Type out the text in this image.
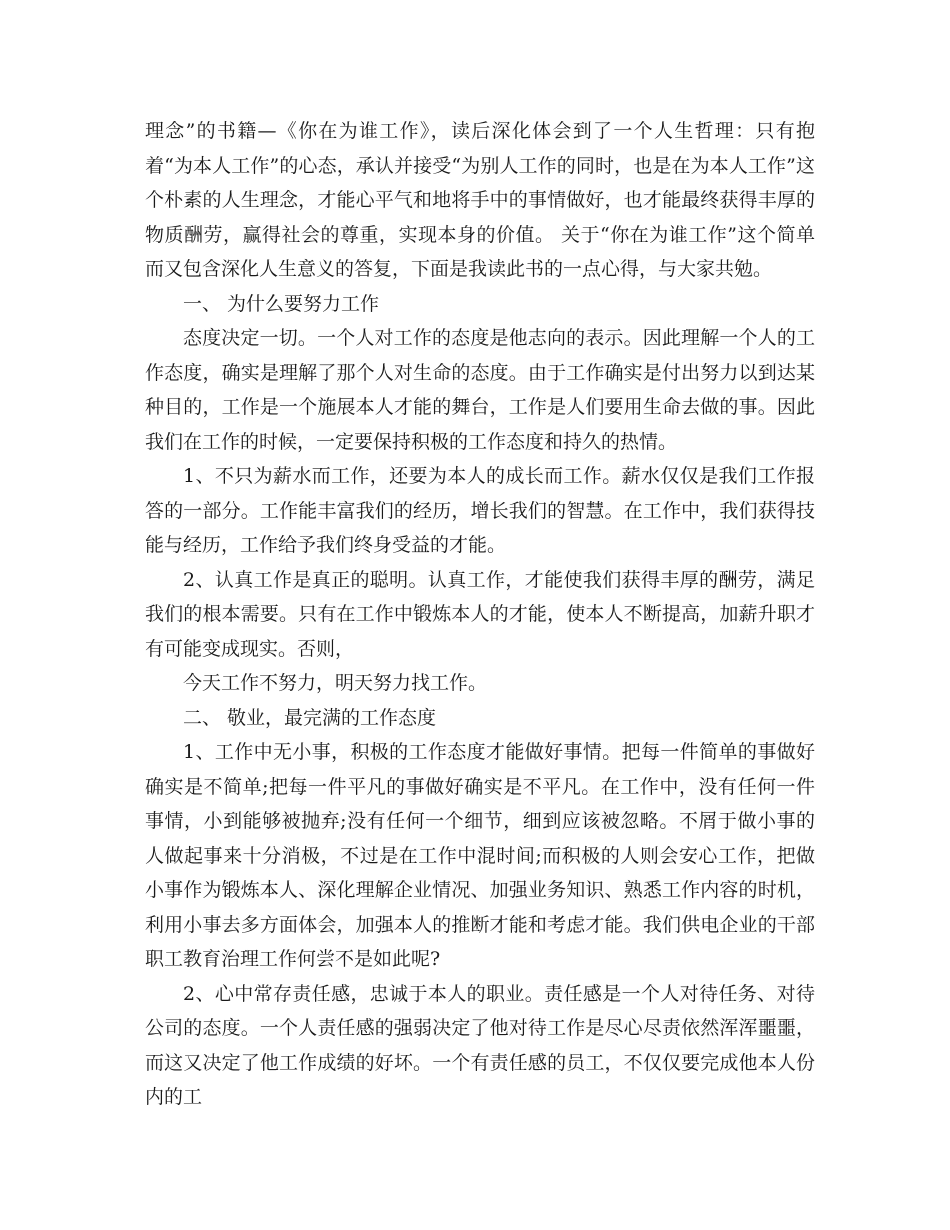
理念”的书籍—《你在为谁工作》，读后深化体会到了一个人生哲理：只有抱着“为本人工作”的心态，承认并接受“为别人工作的同时，也是在为本人工作”这个朴素的人生理念，才能心平气和地将手中的事情做好，也才能最终获得丰厚的物质酬劳，赢得社会的尊重，实现本身的价值。 关于“你在为谁工作”这个简单而又包含深化人生意义的答复，下面是我读此书的一点心得，与大家共勉。

一、 为什么要努力工作

态度决定一切。一个人对工作的态度是他志向的表示。因此理解一个人的工作态度，确实是理解了那个人对生命的态度。由于工作确实是付出努力以到达某种目的，工作是一个施展本人才能的舞台，工作是人们要用生命去做的事。因此我们在工作的时候，一定要保持积极的工作态度和持久的热情。

1、不只为薪水而工作，还要为本人的成长而工作。薪水仅仅是我们工作报答的一部分。工作能丰富我们的经历，增长我们的智慧。在工作中，我们获得技能与经历，工作给予我们终身受益的才能。

2、认真工作是真正的聪明。认真工作，才能使我们获得丰厚的酬劳，满足我们的根本需要。只有在工作中锻炼本人的才能，使本人不断提高，加薪升职才有可能变成现实。否则，

今天工作不努力，明天努力找工作。

二、 敬业，最完满的工作态度

1、工作中无小事，积极的工作态度才能做好事情。把每一件简单的事做好确实是不简单;把每一件平凡的事做好确实是不平凡。在工作中，没有任何一件事情，小到能够被抛弃;没有任何一个细节，细到应该被忽略。不屑于做小事的人做起事来十分消极，不过是在工作中混时间;而积极的人则会安心工作，把做小事作为锻炼本人、深化理解企业情况、加强业务知识、熟悉工作内容的时机，利用小事去多方面体会，加强本人的推断才能和考虑才能。我们供电企业的干部职工教育治理工作何尝不是如此呢?

2、心中常存责任感，忠诚于本人的职业。责任感是一个人对待任务、对待公司的态度。一个人责任感的强弱决定了他对待工作是尽心尽责依然浑浑噩噩，而这又决定了他工作成绩的好坏。一个有责任感的员工，不仅仅要完成他本人份内的工
